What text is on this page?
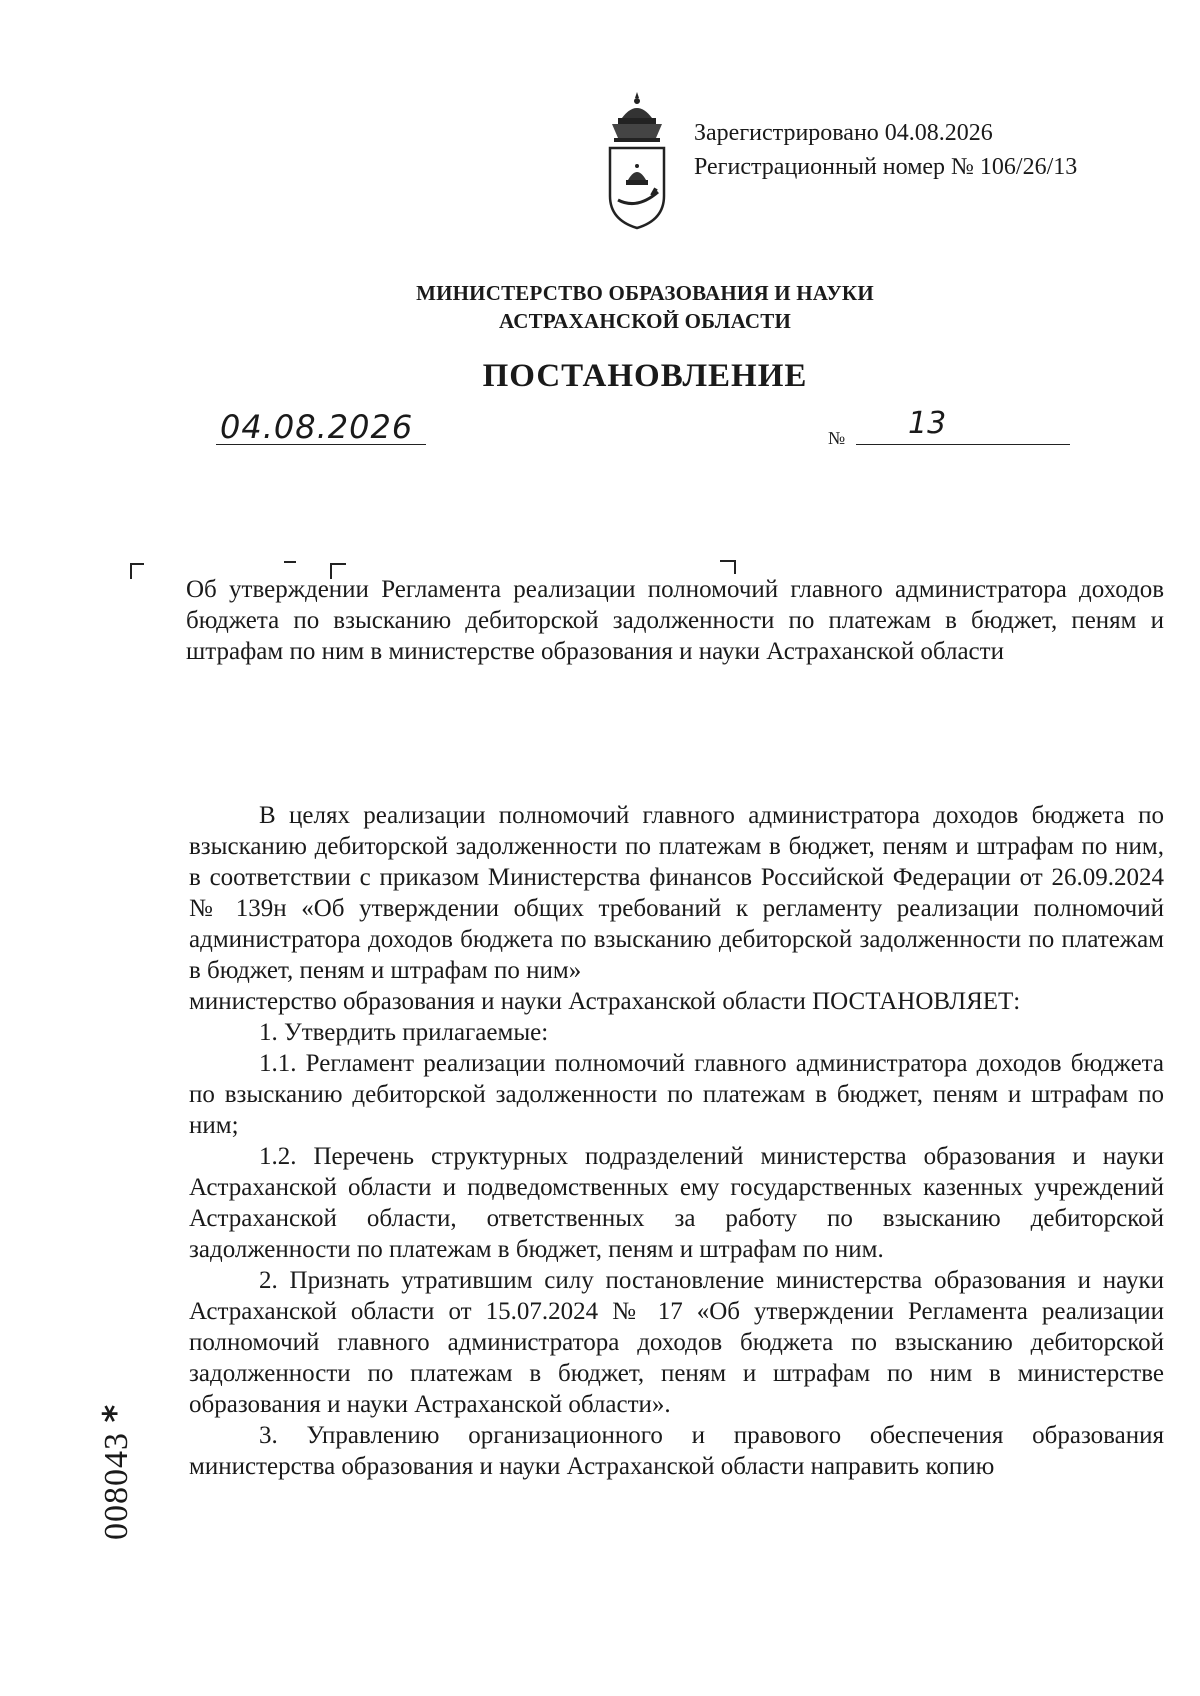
Зарегистрировано 04.08.2026
Регистрационный номер № 106/26/13
МИНИСТЕРСТВО ОБРАЗОВАНИЯ И НАУКИ
АСТРАХАНСКОЙ ОБЛАСТИ
ПОСТАНОВЛЕНИЕ
04.08.2026	№ 13
Об утверждении Регламента реализации полномочий главного администратора доходов бюджета по взысканию дебиторской задолженности по платежам в бюджет, пеням и штрафам по ним в министерстве образования и науки Астраханской области

В целях реализации полномочий главного администратора доходов бюджета по взысканию дебиторской задолженности по платежам в бюджет, пеням и штрафам по ним, в соответствии с приказом Министерства финансов Российской Федерации от 26.09.2024 № 139н «Об утверждении общих требований к регламенту реализации полномочий администратора доходов бюджета по взысканию дебиторской задолженности по платежам в бюджет, пеням и штрафам по ним»

министерство образования и науки Астраханской области ПОСТАНОВЛЯЕТ:

1. Утвердить прилагаемые:

1.1. Регламент реализации полномочий главного администратора доходов бюджета по взысканию дебиторской задолженности по платежам в бюджет, пеням и штрафам по ним;

1.2. Перечень структурных подразделений министерства образования и науки Астраханской области и подведомственных ему государственных казенных учреждений Астраханской области, ответственных за работу по взысканию дебиторской задолженности по платежам в бюджет, пеням и штрафам по ним.

2. Признать утратившим силу постановление министерства образования и науки Астраханской области от 15.07.2024 № 17 «Об утверждении Регламента реализации полномочий главного администратора доходов бюджета по взысканию дебиторской задолженности по платежам в бюджет, пеням и штрафам по ним в министерстве образования и науки Астраханской области».

3. Управлению организационного и правового обеспечения образования министерства образования и науки Астраханской области направить копию

008043 *
